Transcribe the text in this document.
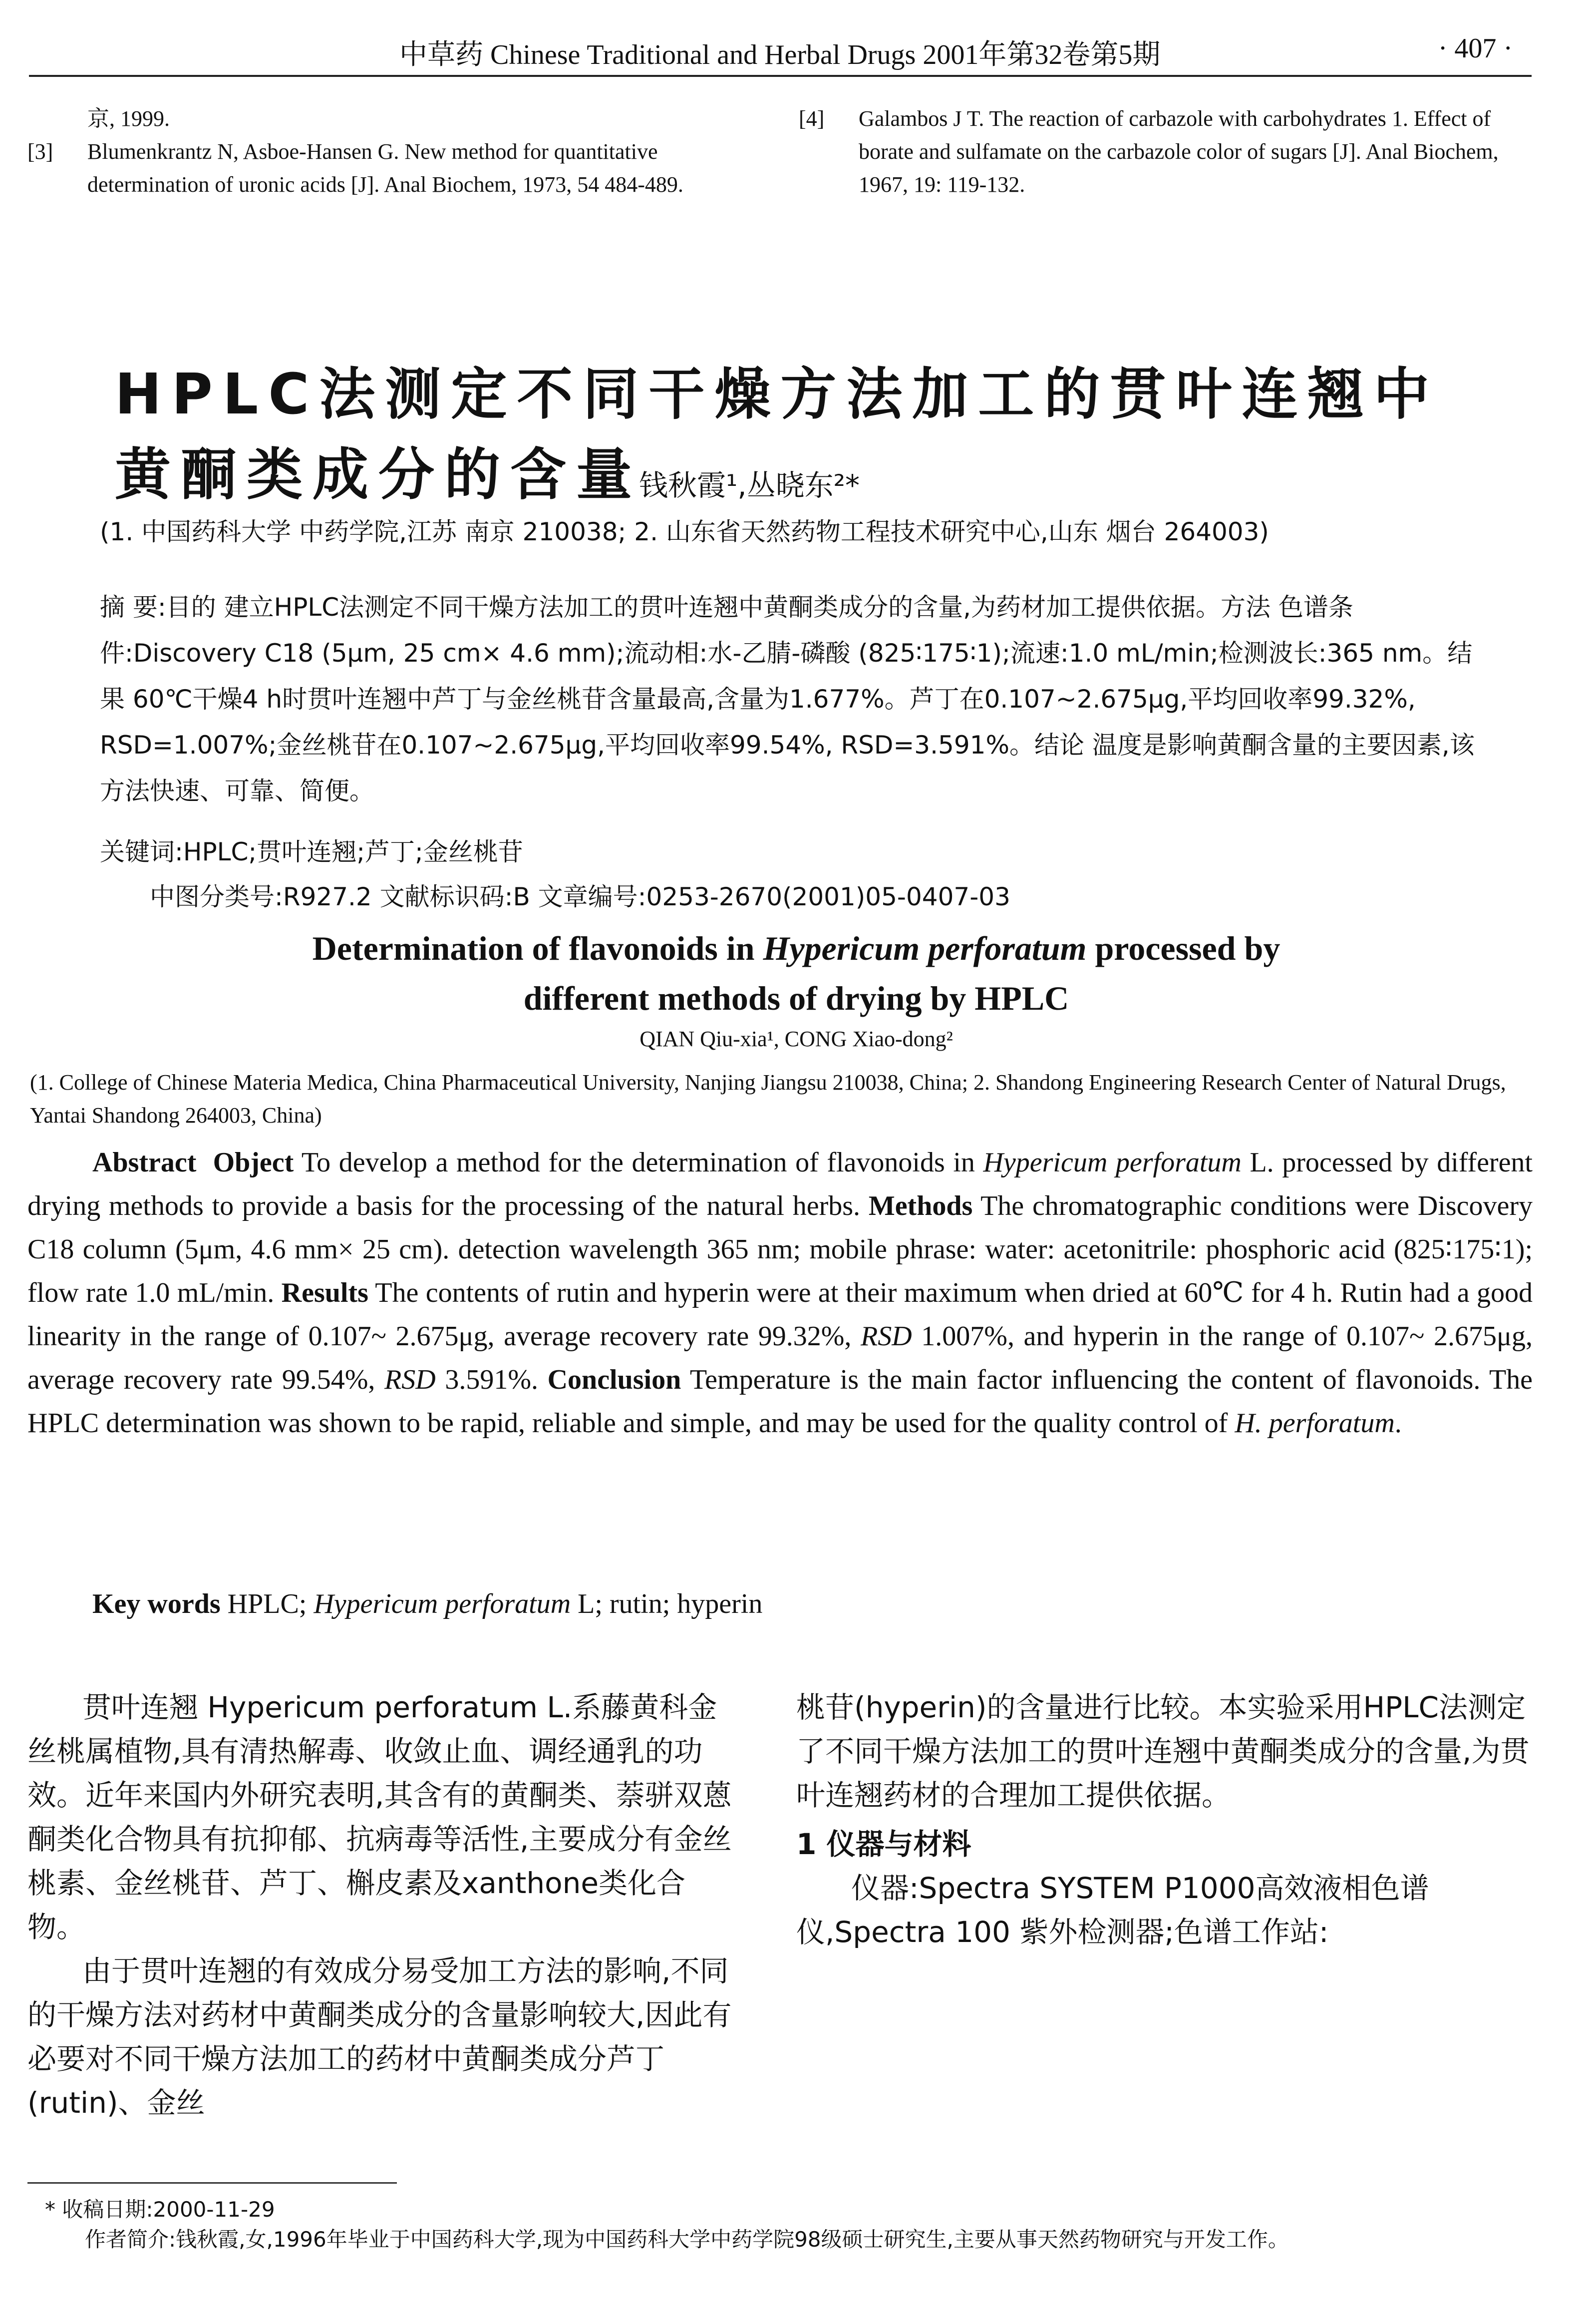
中草药 Chinese Traditional and Herbal Drugs 2001年第32卷第5期	· 407 ·
京, 1999.
[3] Blumenkrantz N, Asboe-Hansen G. New method for quantitative determination of uronic acids [J]. Anal Biochem, 1973, 54 484-489.
[4] Galambos J T. The reaction of carbazole with carbohydrates 1. Effect of borate and sulfamate on the carbazole color of sugars [J]. Anal Biochem, 1967, 19: 119-132.
HPLC法测定不同干燥方法加工的贯叶连翘中黄酮类成分的含量
钱秋霞¹,丛晓东²*
(1. 中国药科大学 中药学院,江苏 南京 210038; 2. 山东省天然药物工程技术研究中心,山东 烟台 264003)
摘 要:目的 建立HPLC法测定不同干燥方法加工的贯叶连翘中黄酮类成分的含量,为药材加工提供依据。方法 色谱条件:Discovery C18 (5μm, 25 cm× 4.6 mm);流动相:水-乙腈-磷酸 (825∶175∶1);流速:1.0 mL/min;检测波长:365 nm。结果 60℃干燥4 h时贯叶连翘中芦丁与金丝桃苷含量最高,含量为1.677%。芦丁在0.107~2.675μg,平均回收率99.32%, RSD=1.007%;金丝桃苷在0.107~2.675μg,平均回收率99.54%, RSD=3.591%。结论 温度是影响黄酮含量的主要因素,该方法快速、可靠、简便。
关键词:HPLC;贯叶连翘;芦丁;金丝桃苷
中图分类号:R927.2 文献标识码:B 文章编号:0253-2670(2001)05-0407-03
Determination of flavonoids in Hypericum perforatum processed by
different methods of drying by HPLC
QIAN Qiu-xia¹, CONG Xiao-dong²
(1. College of Chinese Materia Medica, China Pharmaceutical University, Nanjing Jiangsu 210038, China; 2. Shandong Engineering Research Center of Natural Drugs, Yantai Shandong 264003, China)
Abstract Object To develop a method for the determination of flavonoids in Hypericum perforatum L. processed by different drying methods to provide a basis for the processing of the natural herbs. Methods The chromatographic conditions were Discovery C18 column (5μm, 4.6 mm× 25 cm). detection wavelength 365 nm; mobile phrase: water: acetonitrile: phosphoric acid (825∶175∶1); flow rate 1.0 mL/min. Results The contents of rutin and hyperin were at their maximum when dried at 60℃ for 4 h. Rutin had a good linearity in the range of 0.107~ 2.675μg, average recovery rate 99.32%, RSD 1.007%, and hyperin in the range of 0.107~ 2.675μg, average recovery rate 99.54%, RSD 3.591%. Conclusion Temperature is the main factor influencing the content of flavonoids. The HPLC determination was shown to be rapid, reliable and simple, and may be used for the quality control of H. perforatum.
Key words HPLC; Hypericum perforatum L; rutin; hyperin

贯叶连翘 Hypericum perforatum L.系藤黄科金丝桃属植物,具有清热解毒、收敛止血、调经通乳的功效。近年来国内外研究表明,其含有的黄酮类、萘骈双蒽酮类化合物具有抗抑郁、抗病毒等活性,主要成分有金丝桃素、金丝桃苷、芦丁、槲皮素及xanthone类化合物。

由于贯叶连翘的有效成分易受加工方法的影响,不同的干燥方法对药材中黄酮类成分的含量影响较大,因此有必要对不同干燥方法加工的药材中黄酮类成分芦丁(rutin)、金丝

桃苷(hyperin)的含量进行比较。本实验采用HPLC法测定了不同干燥方法加工的贯叶连翘中黄酮类成分的含量,为贯叶连翘药材的合理加工提供依据。

1 仪器与材料

仪器:Spectra SYSTEM P1000高效液相色谱仪,Spectra 100 紫外检测器;色谱工作站:

* 收稿日期:2000-11-29
作者简介:钱秋霞,女,1996年毕业于中国药科大学,现为中国药科大学中药学院98级硕士研究生,主要从事天然药物研究与开发工作。
